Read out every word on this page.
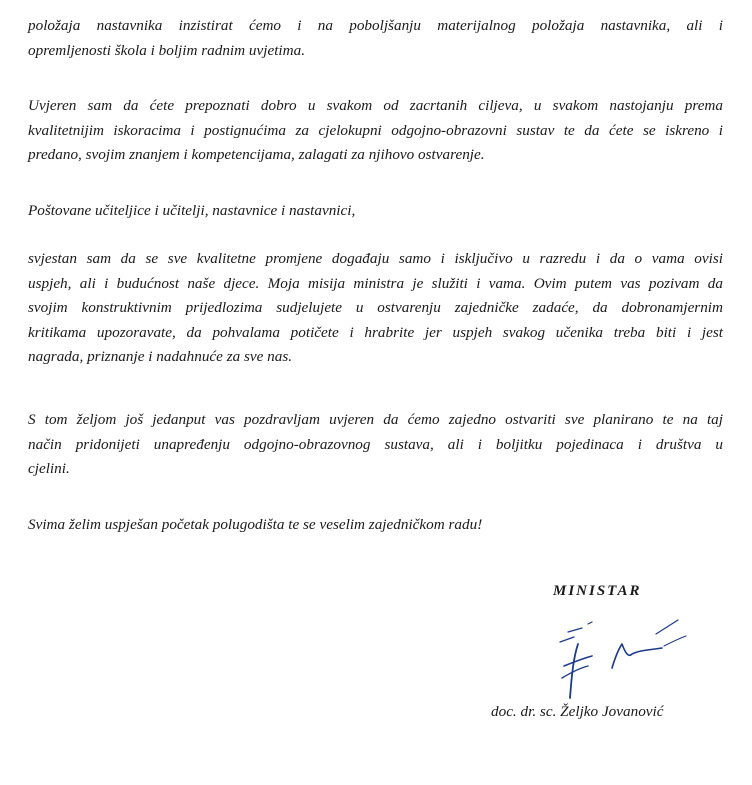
položaja nastavnika inzistirat ćemo i na poboljšanju materijalnog položaja nastavnika, ali i
opremljenosti škola i boljim radnim uvjetima.

Uvjeren sam da ćete prepoznati dobro u svakom od zacrtanih ciljeva, u svakom nastojanju prema
kvalitetnijim iskoracima i postignućima za cjelokupni odgojno-obrazovni sustav te da ćete se iskreno i
predano, svojim znanjem i kompetencijama, zalagati za njihovo ostvarenje.

Poštovane učiteljice i učitelji, nastavnice i nastavnici,

svjestan sam da se sve kvalitetne promjene događaju samo i isključivo u razredu i da o vama ovisi
uspjeh, ali i budućnost naše djece. Moja misija ministra je služiti i vama. Ovim putem vas pozivam da
svojim konstruktivnim prijedlozima sudjelujete u ostvarenju zajedničke zadaće, da dobronamjernim
kritikama upozoravate, da pohvalama potičete i hrabrite jer uspjeh svakog učenika treba biti i jest
nagrada, priznanje i nadahnuće za sve nas.

S tom željom još jedanput vas pozdravljam uvjeren da ćemo zajedno ostvariti sve planirano te na taj
način pridonijeti unapređenju odgojno-obrazovnog sustava, ali i boljitku pojedinaca i društva u
cjelini.

Svima želim uspješan početak polugodišta te se veselim zajedničkom radu!

MINISTAR
doc. dr. sc. Željko Jovanović
